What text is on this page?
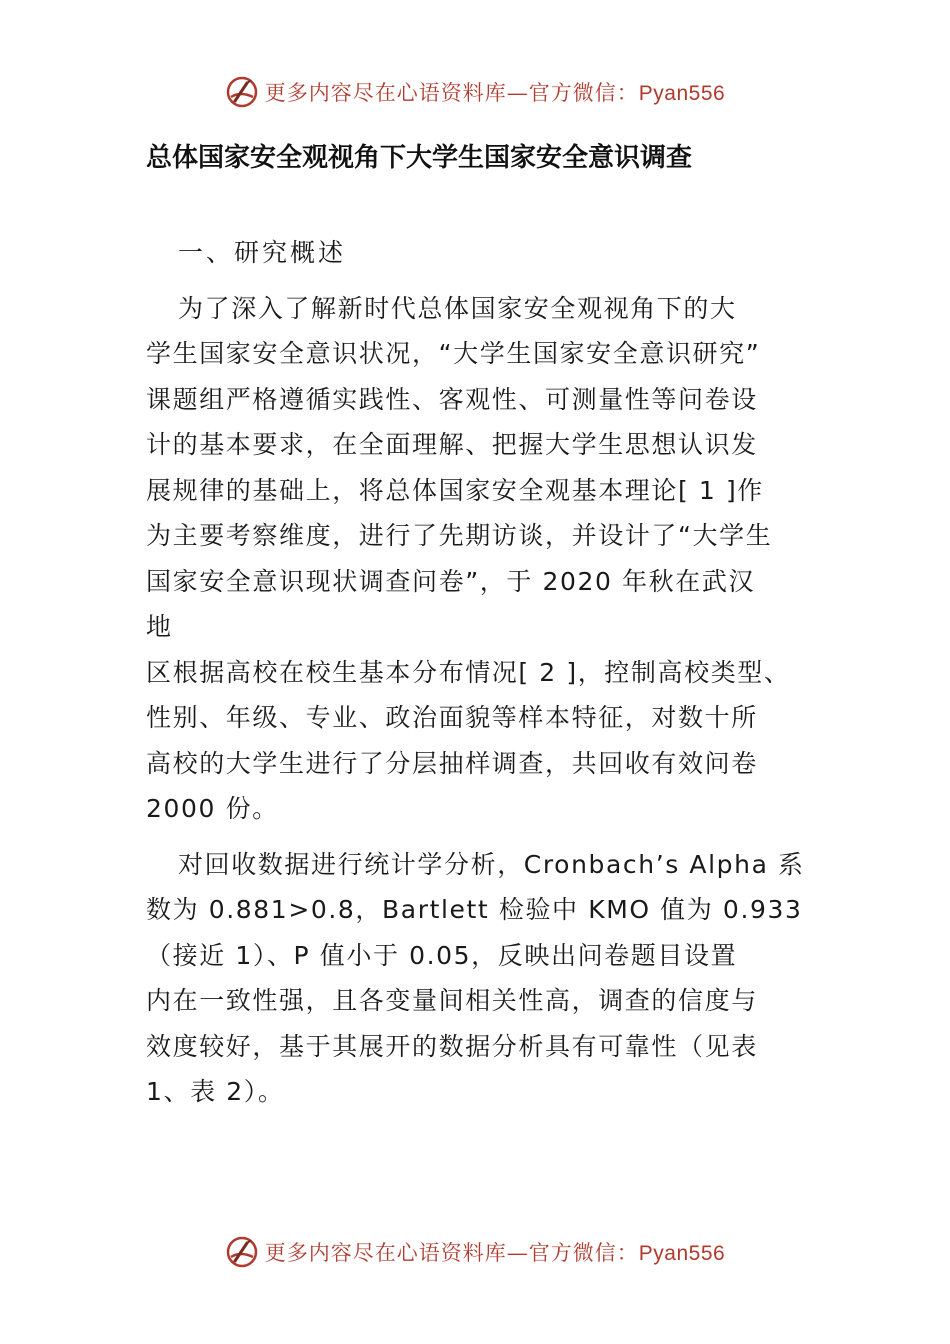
更多内容尽在心语资料库—官方微信：Pyan556
总体国家安全观视角下大学生国家安全意识调查
一、研究概述

为了深入了解新时代总体国家安全观视角下的大
学生国家安全意识状况，“大学生国家安全意识研究”
课题组严格遵循实践性、客观性、可测量性等问卷设
计的基本要求，在全面理解、把握大学生思想认识发
展规律的基础上，将总体国家安全观基本理论[ 1 ]作
为主要考察维度，进行了先期访谈，并设计了“大学生
国家安全意识现状调查问卷”，于 2020 年秋在武汉
地
区根据高校在校生基本分布情况[ 2 ]，控制高校类型、
性别、年级、专业、政治面貌等样本特征，对数十所
高校的大学生进行了分层抽样调查，共回收有效问卷
2000 份。

对回收数据进行统计学分析，Cronbach’s Alpha 系
数为 0.881>0.8，Bartlett 检验中 KMO 值为 0.933
（接近 1）、P 值小于 0.05，反映出问卷题目设置
内在一致性强，且各变量间相关性高，调查的信度与
效度较好，基于其展开的数据分析具有可靠性（见表
1、表 2）。

更多内容尽在心语资料库—官方微信：Pyan556
